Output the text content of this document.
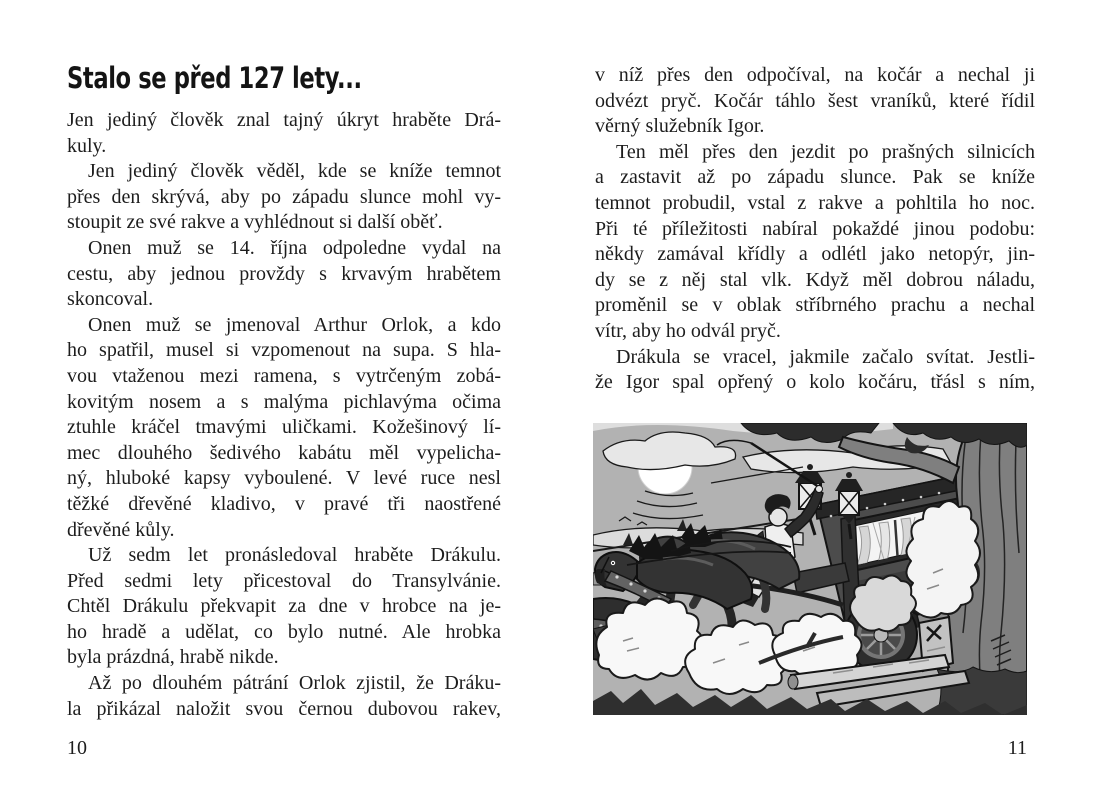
Stalo se před 127 lety...
Jen jediný člověk znal tajný úkryt hraběte Drá-
kuly.
Jen jediný člověk věděl, kde se kníže temnot
přes den skrývá, aby po západu slunce mohl vy-
stoupit ze své rakve a vyhlédnout si další oběť.
Onen muž se 14. října odpoledne vydal na
cestu, aby jednou provždy s krvavým hrabětem
skoncoval.
Onen muž se jmenoval Arthur Orlok, a kdo
ho spatřil, musel si vzpomenout na supa. S hla-
vou vtaženou mezi ramena, s vytrčeným zobá-
kovitým nosem a s malýma pichlavýma očima
ztuhle kráčel tmavými uličkami. Kožešinový lí-
mec dlouhého šedivého kabátu měl vypelicha-
ný, hluboké kapsy vyboulené. V levé ruce nesl
těžké dřevěné kladivo, v pravé tři naostřené
dřevěné kůly.
Už sedm let pronásledoval hraběte Drákulu.
Před sedmi lety přicestoval do Transylvánie.
Chtěl Drákulu překvapit za dne v hrobce na je-
ho hradě a udělat, co bylo nutné. Ale hrobka
byla prázdná, hrabě nikde.
Až po dlouhém pátrání Orlok zjistil, že Dráku-
la přikázal naložit svou černou dubovou rakev,
v níž přes den odpočíval, na kočár a nechal ji
odvézt pryč. Kočár táhlo šest vraníků, které řídil
věrný služebník Igor.
Ten měl přes den jezdit po prašných silnicích
a zastavit až po západu slunce. Pak se kníže
temnot probudil, vstal z rakve a pohltila ho noc.
Při té příležitosti nabíral pokaždé jinou podobu:
někdy zamával křídly a odlétl jako netopýr, jin-
dy se z něj stal vlk. Když měl dobrou náladu,
proměnil se v oblak stříbrného prachu a nechal
vítr, aby ho odvál pryč.
Drákula se vracel, jakmile začalo svítat. Jestli-
že Igor spal opřený o kolo kočáru, třásl s ním,
10	11
